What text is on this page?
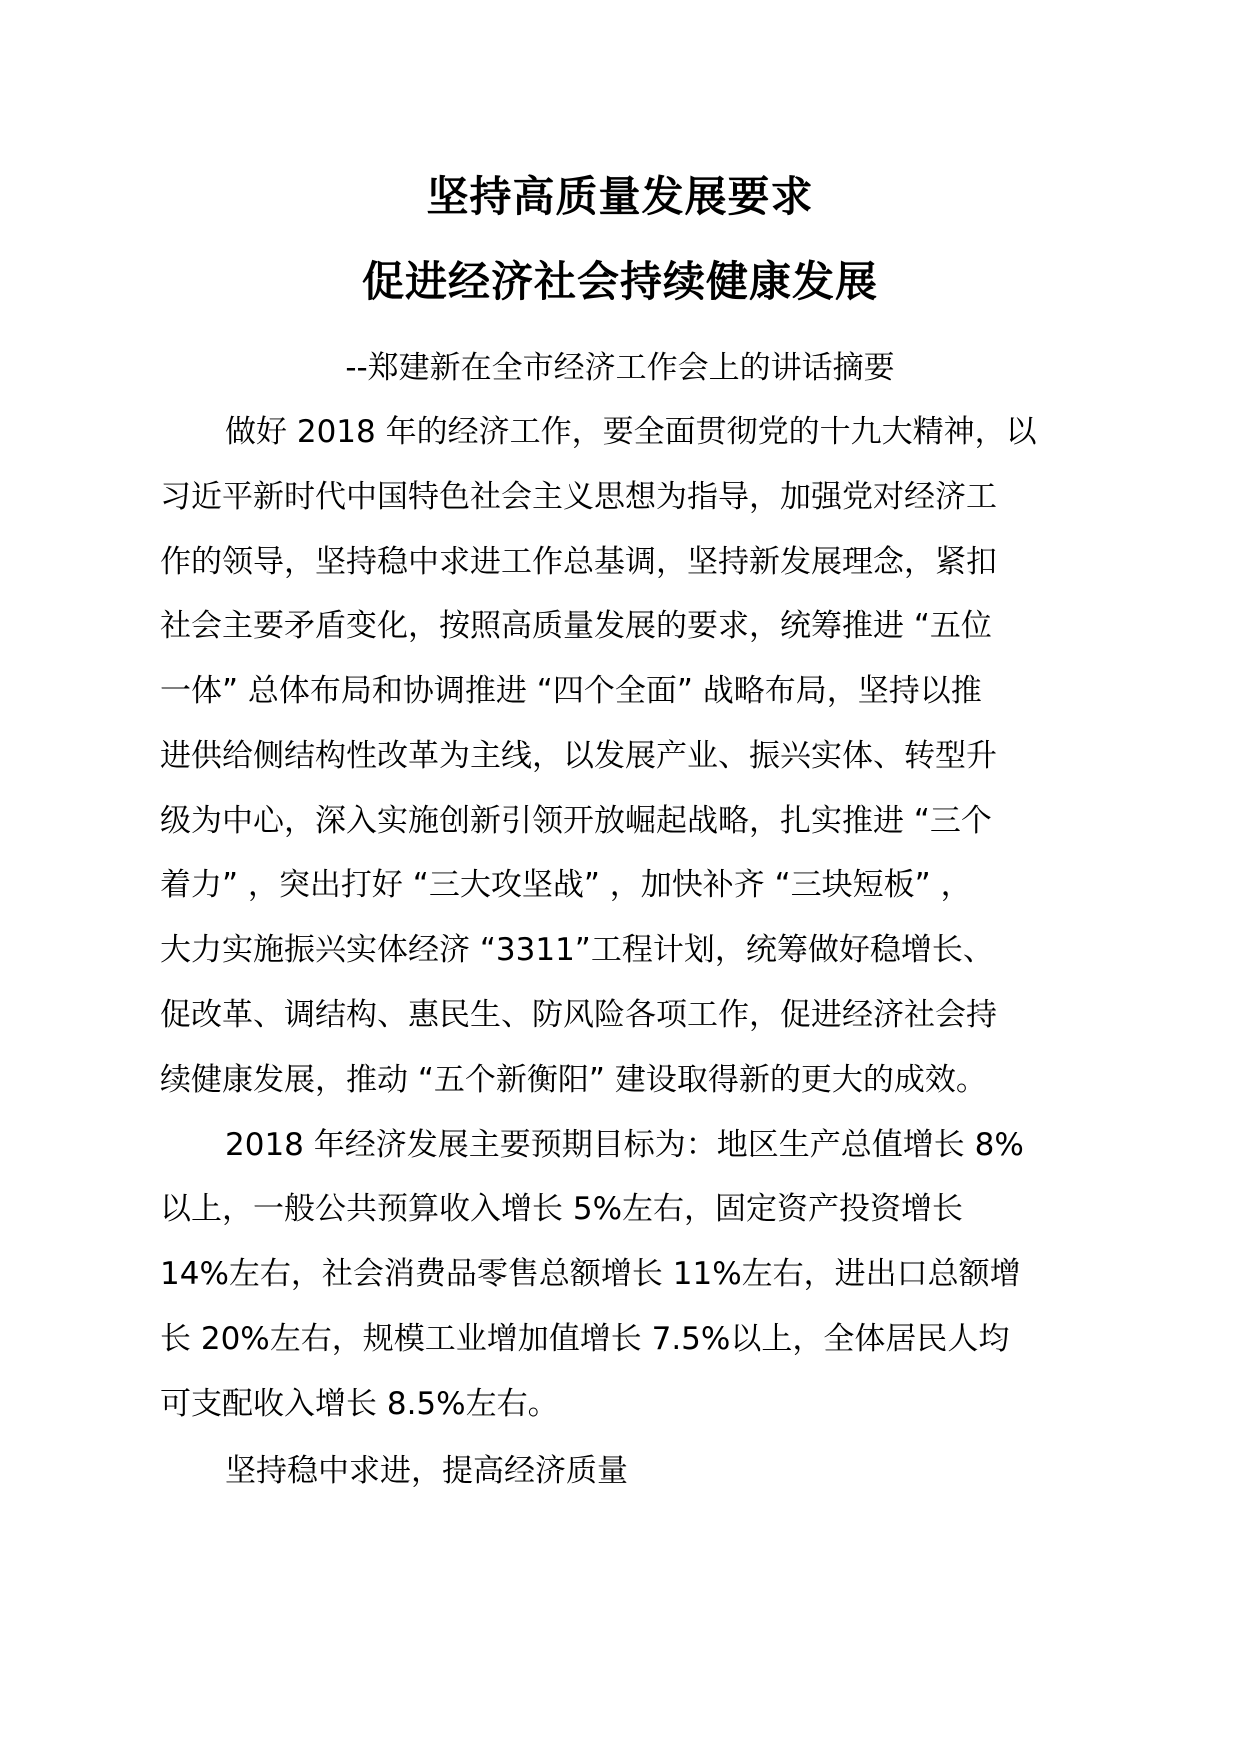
坚持高质量发展要求
促进经济社会持续健康发展
--郑建新在全市经济工作会上的讲话摘要
做好 2018 年的经济工作，要全面贯彻党的十九大精神，以
习近平新时代中国特色社会主义思想为指导，加强党对经济工
作的领导，坚持稳中求进工作总基调，坚持新发展理念，紧扣
社会主要矛盾变化，按照高质量发展的要求，统筹推进 “五位
一体” 总体布局和协调推进 “四个全面” 战略布局，坚持以推
进供给侧结构性改革为主线，以发展产业、振兴实体、转型升
级为中心，深入实施创新引领开放崛起战略，扎实推进 “三个
着力” ，突出打好 “三大攻坚战” ，加快补齐 “三块短板” ，
大力实施振兴实体经济 “3311”工程计划，统筹做好稳增长、
促改革、调结构、惠民生、防风险各项工作，促进经济社会持
续健康发展，推动 “五个新衡阳” 建设取得新的更大的成效。
2018 年经济发展主要预期目标为：地区生产总值增长 8%
以上，一般公共预算收入增长 5%左右，固定资产投资增长
14%左右，社会消费品零售总额增长 11%左右，进出口总额增
长 20%左右，规模工业增加值增长 7.5%以上，全体居民人均
可支配收入增长 8.5%左右。
坚持稳中求进，提高经济质量
